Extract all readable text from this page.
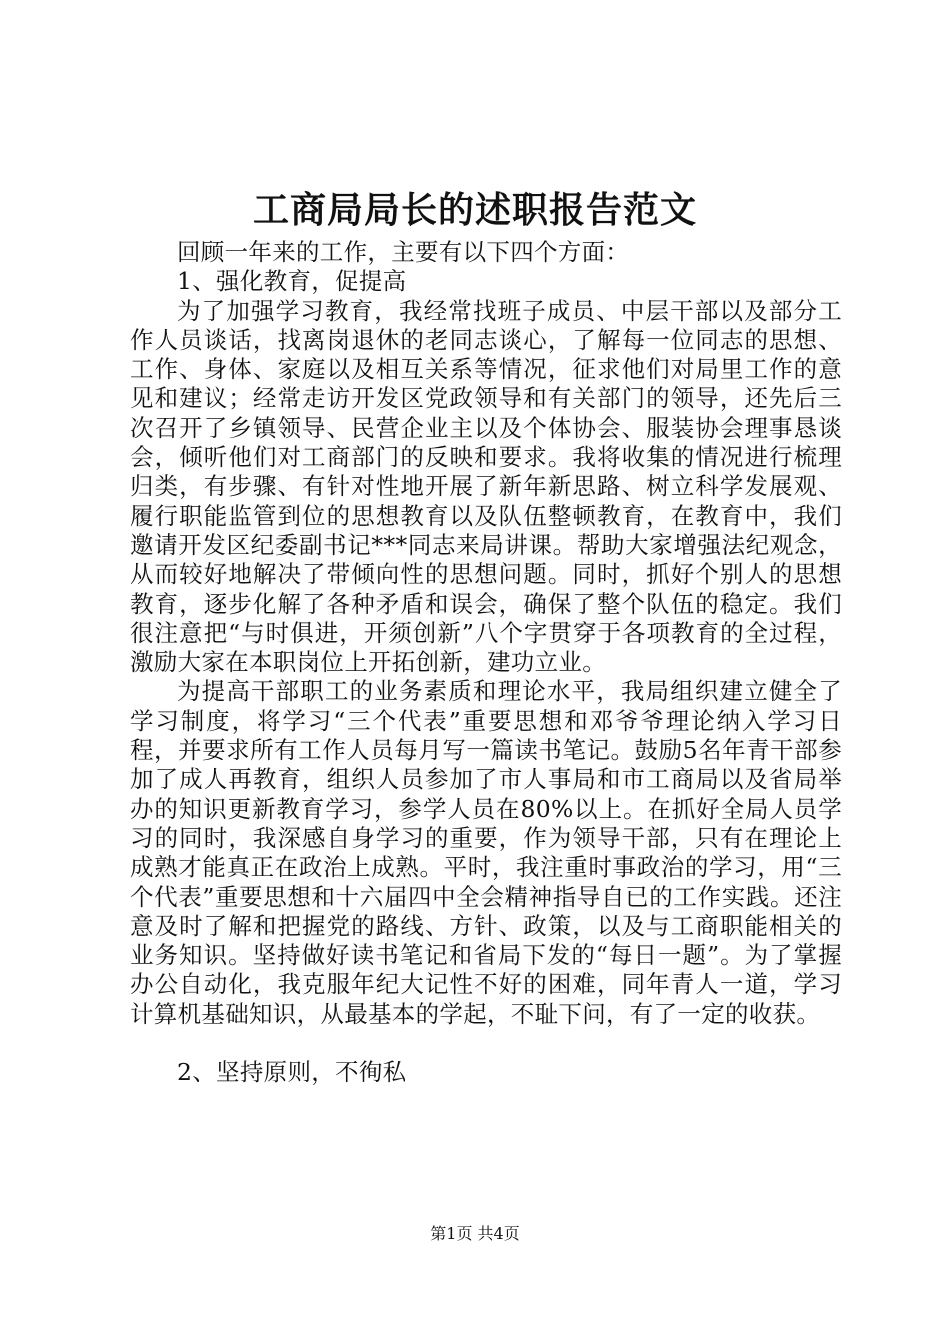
工商局局长的述职报告范文

回顾一年来的工作，主要有以下四个方面：

1、强化教育，促提高

为了加强学习教育，我经常找班子成员、中层干部以及部分工作人员谈话，找离岗退休的老同志谈心，了解每一位同志的思想、工作、身体、家庭以及相互关系等情况，征求他们对局里工作的意见和建议；经常走访开发区党政领导和有关部门的领导，还先后三次召开了乡镇领导、民营企业主以及个体协会、服装协会理事恳谈会，倾听他们对工商部门的反映和要求。我将收集的情况进行梳理归类，有步骤、有针对性地开展了新年新思路、树立科学发展观、履行职能监管到位的思想教育以及队伍整顿教育，在教育中，我们邀请开发区纪委副书记***同志来局讲课。帮助大家增强法纪观念，从而较好地解决了带倾向性的思想问题。同时，抓好个别人的思想教育，逐步化解了各种矛盾和误会，确保了整个队伍的稳定。我们很注意把“与时俱进，开须创新”八个字贯穿于各项教育的全过程，激励大家在本职岗位上开拓创新，建功立业。

为提高干部职工的业务素质和理论水平，我局组织建立健全了学习制度，将学习“三个代表”重要思想和邓爷爷理论纳入学习日程，并要求所有工作人员每月写一篇读书笔记。鼓励5名年青干部参加了成人再教育，组织人员参加了市人事局和市工商局以及省局举办的知识更新教育学习，参学人员在80%以上。在抓好全局人员学习的同时，我深感自身学习的重要，作为领导干部，只有在理论上成熟才能真正在政治上成熟。平时，我注重时事政治的学习，用“三个代表”重要思想和十六届四中全会精神指导自已的工作实践。还注意及时了解和把握党的路线、方针、政策，以及与工商职能相关的业务知识。坚持做好读书笔记和省局下发的“每日一题”。为了掌握办公自动化，我克服年纪大记性不好的困难，同年青人一道，学习计算机基础知识，从最基本的学起，不耻下问，有了一定的收获。

2、坚持原则，不徇私

第1页 共4页
